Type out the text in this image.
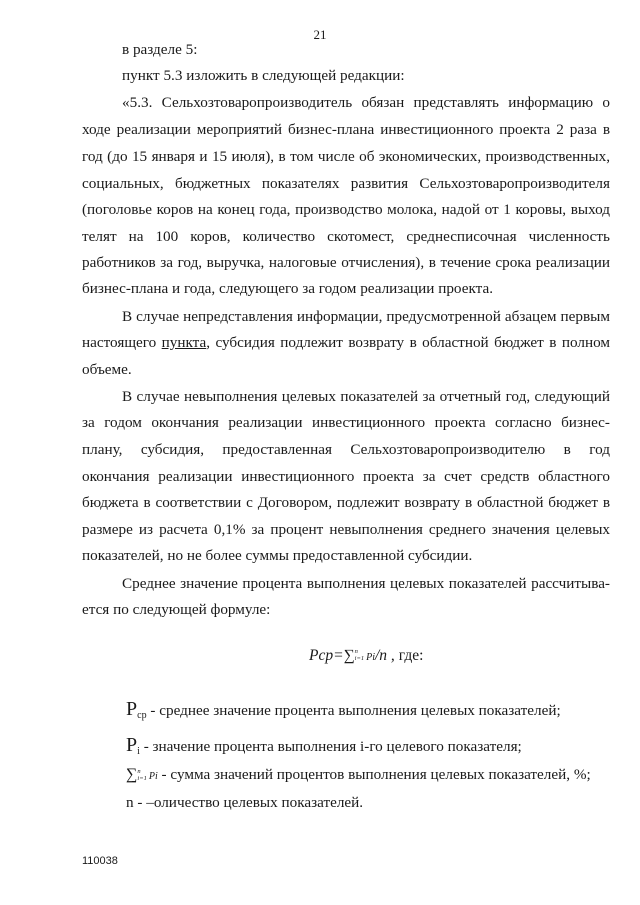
21

в разделе 5:

пункт 5.3 изложить в следующей редакции:

«5.3. Сельхозтоваропроизводитель обязан представлять информацию о

ходе реализации мероприятий бизнес-плана инвестиционного проекта 2 раза в

год (до 15 января и 15 июля), в том числе об экономических, производственных,

социальных, бюджетных показателях развития Сельхозтоваропроизводителя

(поголовье коров на конец года, производство молока, надой от 1 коровы, выход

телят на 100 коров, количество скотомест, среднесписочная численность

работников за год, выручка, налоговые отчисления), в течение срока реализации

бизнес-плана и года, следующего за годом реализации проекта.

В случае непредставления информации, предусмотренной абзацем первым

настоящего пункта, субсидия подлежит возврату в областной бюджет в полном

объеме.

В случае невыполнения целевых показателей за отчетный год, следующий

за годом окончания реализации инвестиционного проекта согласно бизнес-

плану, субсидия, предоставленная Сельхозтоваропроизводителю в год

окончания реализации инвестиционного проекта за счет средств областного

бюджета в соответствии с Договором, подлежит возврату в областной бюджет в

размере из расчета 0,1% за процент невыполнения среднего значения целевых

показателей, но не более суммы предоставленной субсидии.

Среднее значение процента выполнения целевых показателей рассчитыва-

ется по следующей формуле:

Pср=∑ n
i=1 Pi/n , где:
$P_{ср}$ - среднее значение процента выполнения целевых показателей;
$P_i$ - значение процента выполнения i-го целевого показателя;
∑ n
i=1 Pi - сумма значений процентов выполнения целевых показателей, %;
n - –оличество целевых показателей.
110038
